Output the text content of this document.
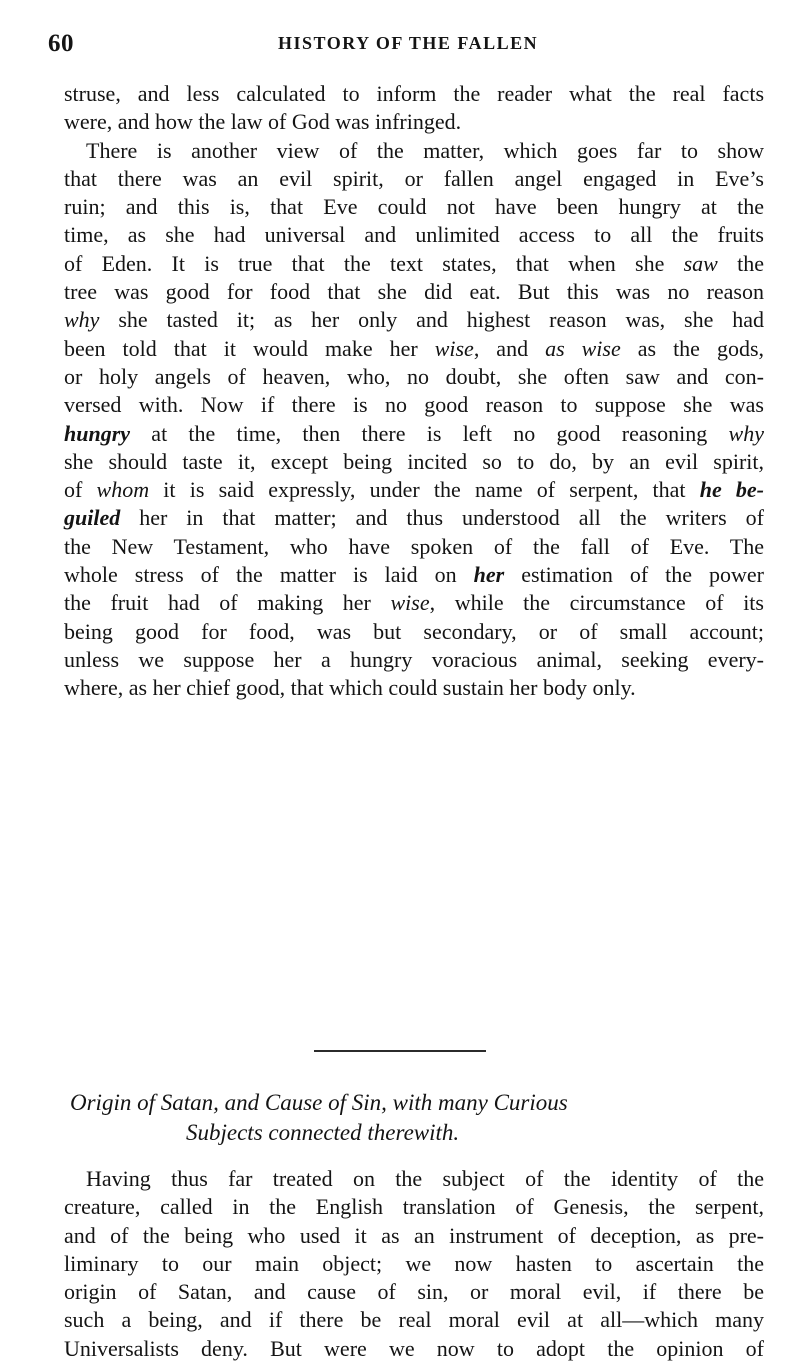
60	HISTORY OF THE FALLEN
struse, and less calculated to inform the reader what the real facts
were, and how the law of God was infringed.
There is another view of the matter, which goes far to show
that there was an evil spirit, or fallen angel engaged in Eve’s
ruin; and this is, that Eve could not have been hungry at the
time, as she had universal and unlimited access to all the fruits
of Eden. It is true that the text states, that when she saw the
tree was good for food that she did eat. But this was no reason
why she tasted it; as her only and highest reason was, she had
been told that it would make her wise, and as wise as the gods,
or holy angels of heaven, who, no doubt, she often saw and con-
versed with. Now if there is no good reason to suppose she was
hungry at the time, then there is left no good reasoning why
she should taste it, except being incited so to do, by an evil spirit,
of whom it is said expressly, under the name of serpent, that he be-
guiled her in that matter; and thus understood all the writers of
the New Testament, who have spoken of the fall of Eve. The
whole stress of the matter is laid on her estimation of the power
the fruit had of making her wise, while the circumstance of its
being good for food, was but secondary, or of small account;
unless we suppose her a hungry voracious animal, seeking every-
where, as her chief good, that which could sustain her body only.
Origin of Satan, and Cause of Sin, with many Curious
Subjects connected therewith.
Having thus far treated on the subject of the identity of the
creature, called in the English translation of Genesis, the serpent,
and of the being who used it as an instrument of deception, as pre-
liminary to our main object; we now hasten to ascertain the
origin of Satan, and cause of sin, or moral evil, if there be
such a being, and if there be real moral evil at all—which many
Universalists deny. But were we now to adopt the opinion of
